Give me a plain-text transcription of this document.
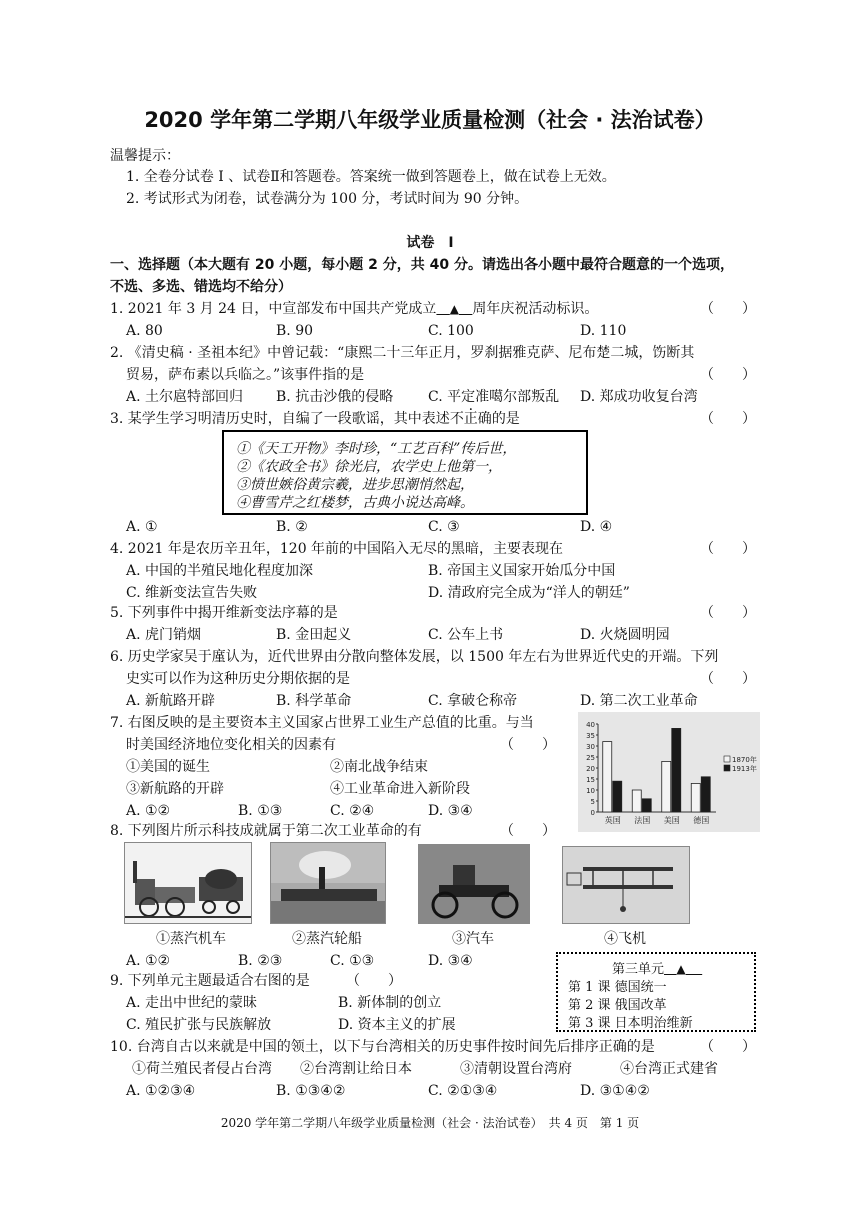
2020 学年第二学期八年级学业质量检测（社会 · 法治试卷）
温馨提示：
1. 全卷分试卷 Ⅰ 、试卷Ⅱ和答题卷。答案统一做到答题卷上，做在试卷上无效。
2. 考试形式为闭卷，试卷满分为 100 分，考试时间为 90 分钟。
试卷　Ⅰ
一、选择题（本大题有 20 小题，每小题 2 分，共 40 分。请选出各小题中最符合题意的一个选项，
不选、多选、错选均不给分）
1. 2021 年 3 月 24 日，中宣部发布中国共产党成立 ▲ 周年庆祝活动标识。	（　　）
A. 80	B. 90	C. 100	D. 110
2. 《清史稿 · 圣祖本纪》中曾记载：“康熙二十三年正月，罗刹据雅克萨、尼布楚二城，饬断其
贸易，萨布素以兵临之。”该事件指的是	（　　）
A. 土尔扈特部回归 B. 抗击沙俄的侵略 C. 平定准噶尔部叛乱 D. 郑成功收复台湾
3. 某学生学习明清历史时，自编了一段歌谣，其中表述不正确的是	（　　）
①《天工开物》李时珍，“工艺百科”传后世，
②《农政全书》徐光启，农学史上他第一，
③愤世嫉俗黄宗羲，进步思潮悄然起，
④曹雪芹之红楼梦，古典小说达高峰。
A. ①	B. ②	C. ③	D. ④
4. 2021 年是农历辛丑年，120 年前的中国陷入无尽的黑暗，主要表现在	（　　）
A. 中国的半殖民地化程度加深	B. 帝国主义国家开始瓜分中国
C. 维新变法宣告失败	D. 清政府完全成为“洋人的朝廷”
5. 下列事件中揭开维新变法序幕的是	（　　）
A. 虎门销烟	B. 金田起义	C. 公车上书	D. 火烧圆明园
6. 历史学家吴于廑认为，近代世界由分散向整体发展，以 1500 年左右为世界近代史的开端。下列
史实可以作为这种历史分期依据的是	（　　）
A. 新航路开辟	B. 科学革命	C. 拿破仑称帝	D. 第二次工业革命
7. 右图反映的是主要资本主义国家占世界工业生产总值的比重。与当
时美国经济地位变化相关的因素有	（　　）
①美国的诞生	②南北战争结束
③新航路的开辟	④工业革命进入新阶段
A. ①②	B. ①③	C. ②④	D. ③④	0
5
10
15
20
25
30
35
40
英国 法国 美国 德国
1870年
1913年
8. 下列图片所示科技成就属于第二次工业革命的有	（　　）
①蒸汽机车	②蒸汽轮船	③汽车	④飞机
A. ①②	B. ②③	C. ①③	D. ③④
第三单元 ▲
第 1 课 德国统一
第 2 课 俄国改革
第 3 课 日本明治维新
9. 下列单元主题最适合右图的是	（　　）
A. 走出中世纪的蒙昧	B. 新体制的创立
C. 殖民扩张与民族解放	D. 资本主义的扩展
10. 台湾自古以来就是中国的领土，以下与台湾相关的历史事件按时间先后排序正确的是	（　　）
①荷兰殖民者侵占台湾 ②台湾割让给日本	③清朝设置台湾府	④台湾正式建省
A. ①②③④	B. ①③④②	C. ②①③④	D. ③①④②
2020 学年第二学期八年级学业质量检测（社会 · 法治试卷）　共 4 页　第 1 页
